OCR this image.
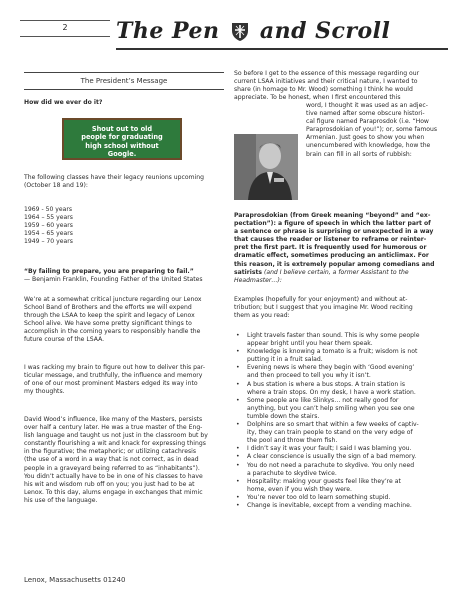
2	The Pen and Scroll
The President’s Message

How did we ever do it?

Shout out to old
people for graduating
high school without
Google.
The following classes have their legacy reunions upcoming
(October 18 and 19):
1969 - 50 years
1964 – 55 years
1959 – 60 years
1954 – 65 years
1949 – 70 years
“By failing to prepare, you are preparing to fail.”
— Benjamin Franklin, Founding Father of the United States
We’re at a somewhat critical juncture regarding our Lenox
School Band of Brothers and the efforts we will expend
through the LSAA to keep the spirit and legacy of Lenox
School alive. We have some pretty significant things to
accomplish in the coming years to responsibly handle the
future course of the LSAA.
I was racking my brain to figure out how to deliver this par-
ticular message, and truthfully, the influence and memory
of one of our most prominent Masters edged its way into
my thoughts.
David Wood’s influence, like many of the Masters, persists
over half a century later. He was a true master of the Eng-
lish language and taught us not just in the classroom but by
constantly flourishing a wit and knack for expressing things
in the figurative; the metaphoric; or utilizing catachresis
(the use of a word in a way that is not correct, as in dead
people in a graveyard being referred to as “inhabitants”).
You didn’t actually have to be in one of his classes to have
his wit and wisdom rub off on you; you just had to be at
Lenox. To this day, alums engage in exchanges that mimic
his use of the language.
So before I get to the essence of this message regarding our
current LSAA initiatives and their critical nature, I wanted to
share (in homage to Mr. Wood) something I think he would
appreciate. To be honest, when I first encountered this
word, I thought it was used as an adjec-
tive named after some obscure histori-
cal figure named Paraprosdok (i.e. “How
Paraprosdokian of you!”); or, some famous
Armenian. Just goes to show you when
unencumbered with knowledge, how the
brain can fill in all sorts of rubbish:
Paraprosdokian (from Greek meaning “beyond” and “ex-
pectation”): a figure of speech in which the latter part of
a sentence or phrase is surprising or unexpected in a way
that causes the reader or listener to reframe or reinter-
pret the first part. It is frequently used for humorous or
dramatic effect, sometimes producing an anticlimax. For
this reason, it is extremely popular among comedians and
satirists (and I believe certain, a former Assistant to the
Headmaster…):
Examples (hopefully for your enjoyment) and without at-
tribution; but I suggest that you imagine Mr. Wood reciting
them as you read:
• Light travels faster than sound. This is why some people
appear bright until you hear them speak.
• Knowledge is knowing a tomato is a fruit; wisdom is not
putting it in a fruit salad.
• Evening news is where they begin with ‘Good evening’
and then proceed to tell you why it isn’t.
• A bus station is where a bus stops. A train station is
where a train stops. On my desk, I have a work station.
• Some people are like Slinkys… not really good for
anything, but you can’t help smiling when you see one
tumble down the stairs.
• Dolphins are so smart that within a few weeks of captiv-
ity, they can train people to stand on the very edge of
the pool and throw them fish.
• I didn’t say it was your fault; I said I was blaming you.
• A clear conscience is usually the sign of a bad memory.
• You do not need a parachute to skydive. You only need
a parachute to skydive twice.
• Hospitality: making your guests feel like they’re at
home, even if you wish they were.
• You’re never too old to learn something stupid.
• Change is inevitable, except from a vending machine.
Lenox, Massachusetts 01240
